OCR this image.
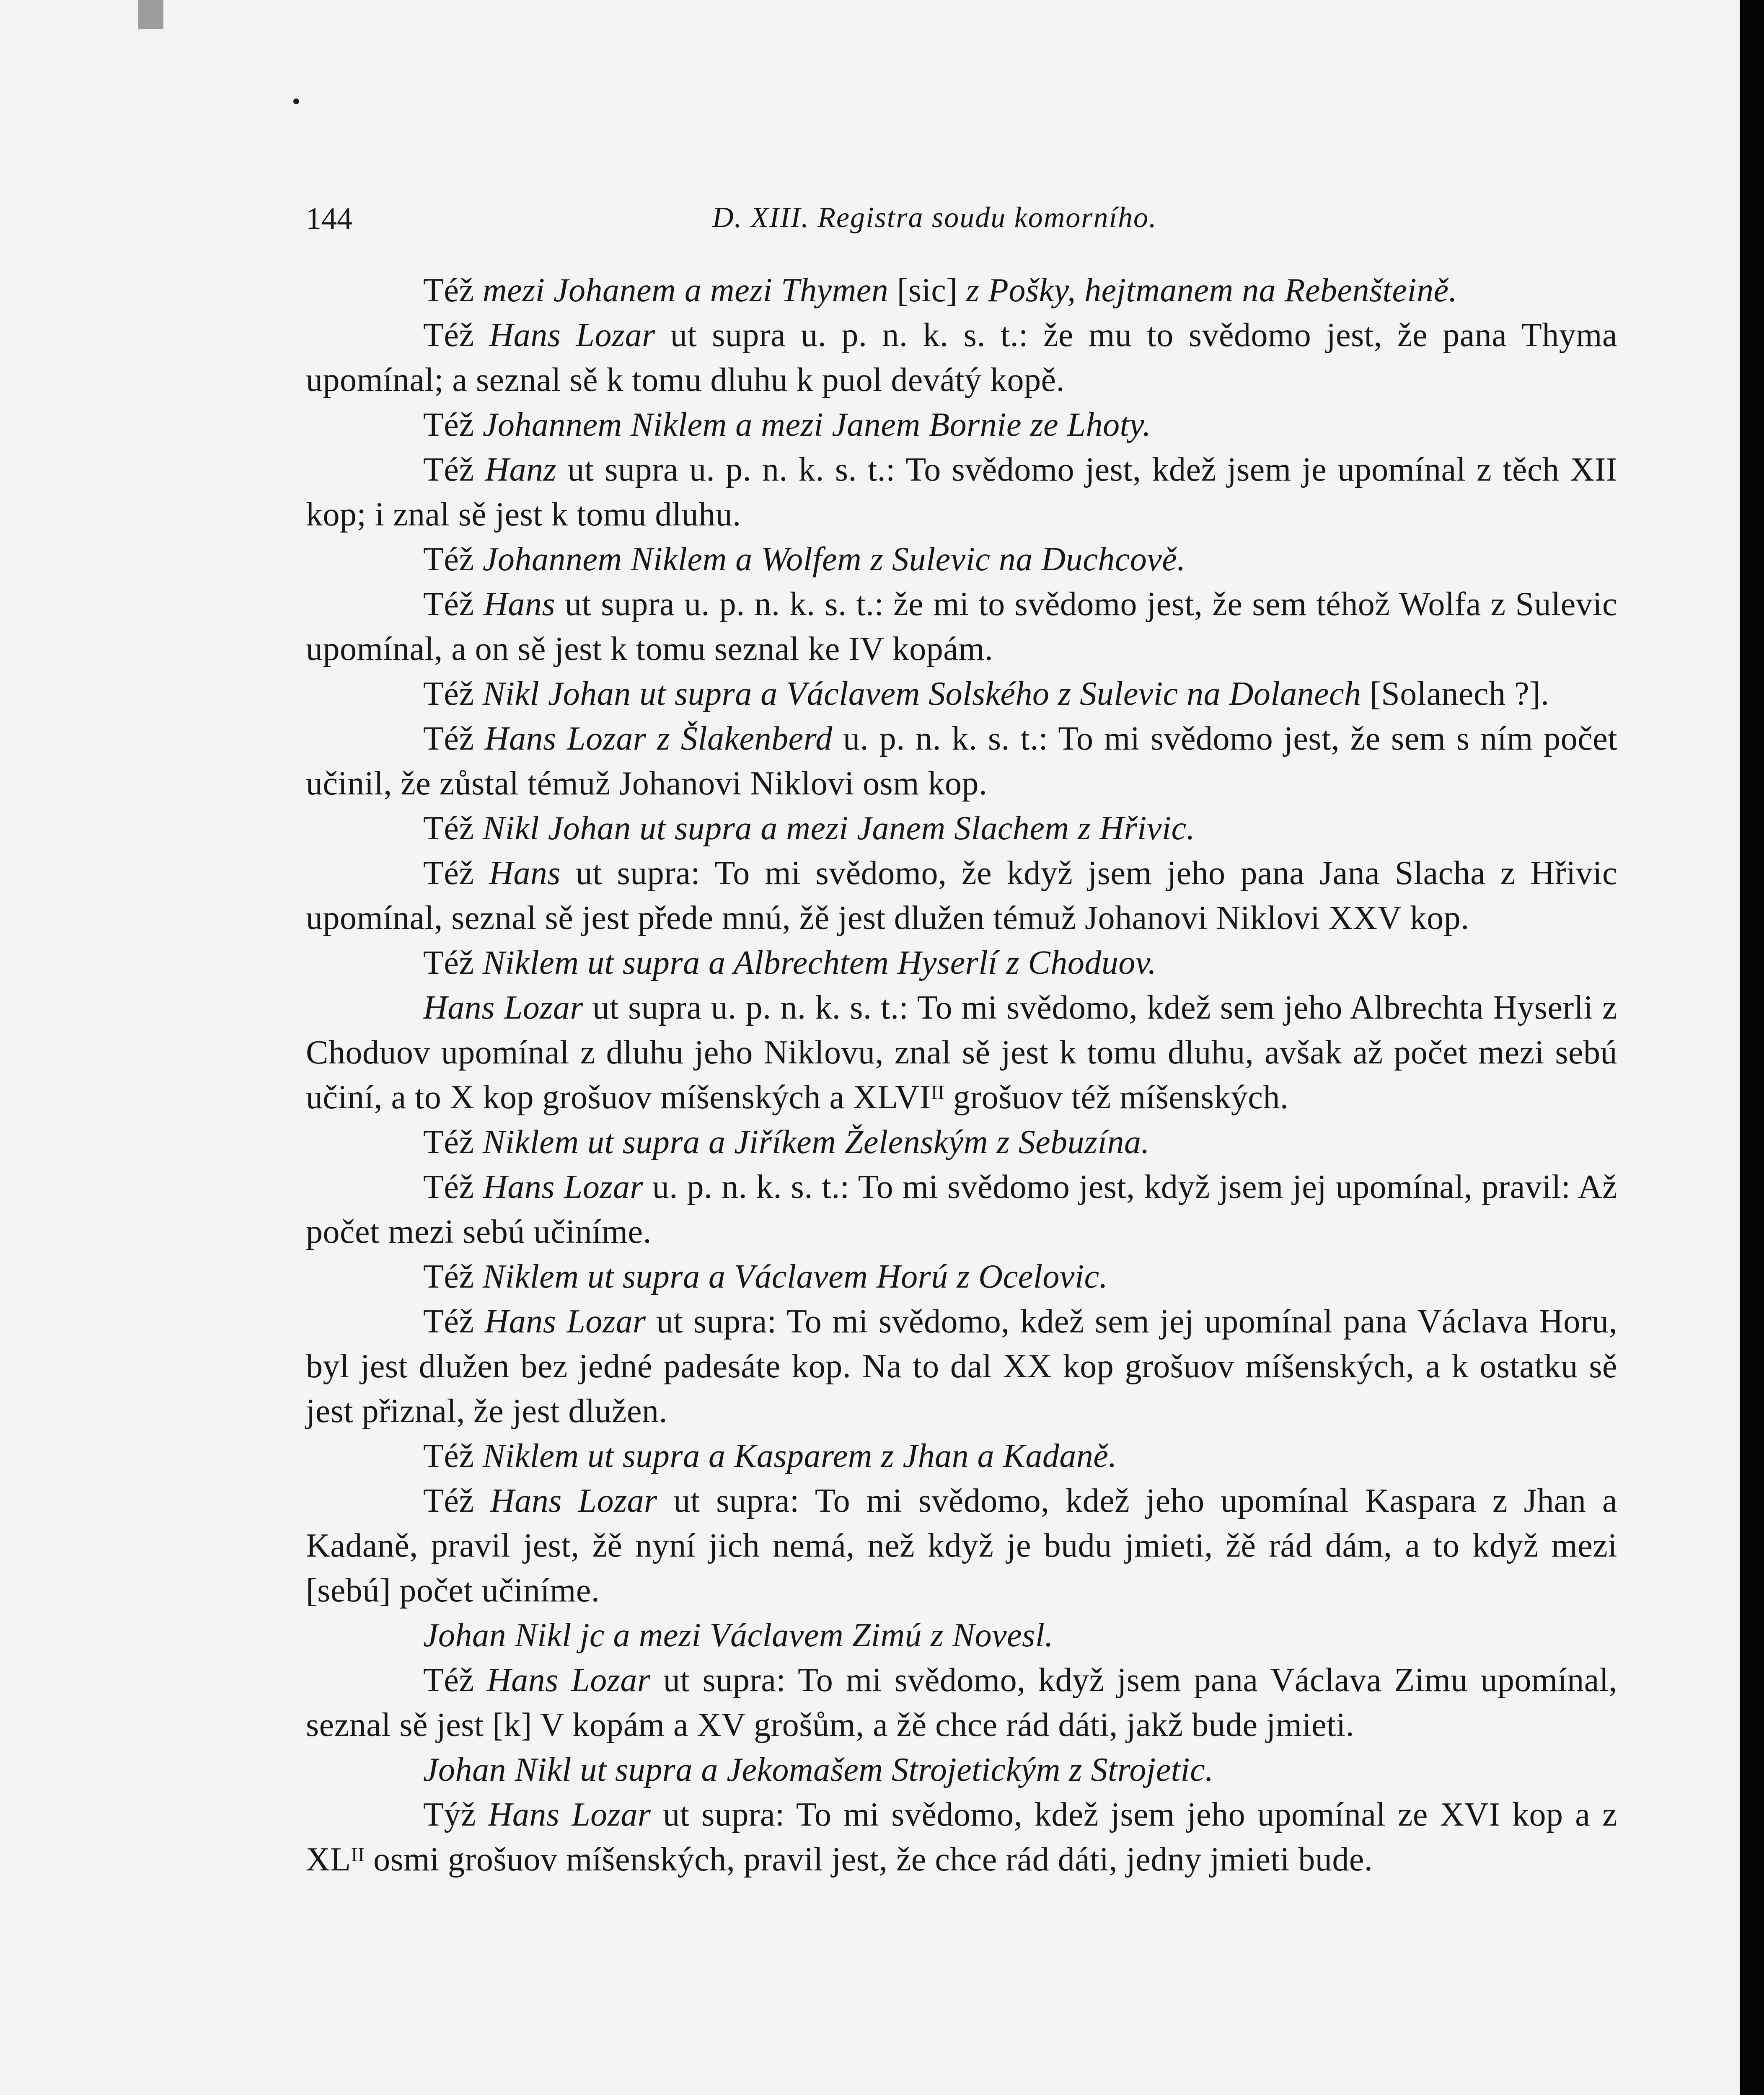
144	D. XIII. Registra soudu komorního.

Též mezi Johanem a mezi Thymen [sic] z Pošky, hejtmanem na Rebenšteině.

Též Hans Lozar ut supra u. p. n. k. s. t.: že mu to svědomo jest, že pana Thyma upomínal; a seznal sě k tomu dluhu k puol devátý kopě.

Též Johannem Niklem a mezi Janem Bornie ze Lhoty.

Též Hanz ut supra u. p. n. k. s. t.: To svědomo jest, kdež jsem je upomínal z těch XII kop; i znal sě jest k tomu dluhu.

Též Johannem Niklem a Wolfem z Sulevic na Duchcově.

Též Hans ut supra u. p. n. k. s. t.: že mi to svědomo jest, že sem téhož Wolfa z Sulevic upomínal, a on sě jest k tomu seznal ke IV kopám.

Též Nikl Johan ut supra a Václavem Solského z Sulevic na Dolanech [Solanech ?].

Též Hans Lozar z Šlakenberd u. p. n. k. s. t.: To mi svědomo jest, že sem s ním počet učinil, že zůstal témuž Johanovi Niklovi osm kop.

Též Nikl Johan ut supra a mezi Janem Slachem z Hřivic.

Též Hans ut supra: To mi svědomo, že když jsem jeho pana Jana Slacha z Hřivic upomínal, seznal sě jest přede mnú, žě jest dlužen témuž Johanovi Niklovi XXV kop.

Též Niklem ut supra a Albrechtem Hyserlí z Choduov.

Hans Lozar ut supra u. p. n. k. s. t.: To mi svědomo, kdež sem jeho Albrechta Hyserli z Choduov upomínal z dluhu jeho Niklovu, znal sě jest k tomu dluhu, avšak až počet mezi sebú učiní, a to X kop grošuov míšenských a XLVIᴵᴵ grošuov též míšenských.

Též Niklem ut supra a Jiříkem Želenským z Sebuzína.

Též Hans Lozar u. p. n. k. s. t.: To mi svědomo jest, když jsem jej upomínal, pravil: Až počet mezi sebú učiníme.

Též Niklem ut supra a Václavem Horú z Ocelovic.

Též Hans Lozar ut supra: To mi svědomo, kdež sem jej upomínal pana Václava Horu, byl jest dlužen bez jedné padesáte kop. Na to dal XX kop grošuov míšenských, a k ostatku sě jest přiznal, že jest dlužen.

Též Niklem ut supra a Kasparem z Jhan a Kadaně.

Též Hans Lozar ut supra: To mi svědomo, kdež jeho upomínal Kaspara z Jhan a Kadaně, pravil jest, žě nyní jich nemá, než když je budu jmieti, žě rád dám, a to když mezi [sebú] počet učiníme.

Johan Nikl jc a mezi Václavem Zimú z Novesl.

Též Hans Lozar ut supra: To mi svědomo, když jsem pana Václava Zimu upomínal, seznal sě jest [k] V kopám a XV grošům, a žě chce rád dáti, jakž bude jmieti.

Johan Nikl ut supra a Jekomašem Strojetickým z Strojetic.

Týž Hans Lozar ut supra: To mi svědomo, kdež jsem jeho upomínal ze XVI kop a z XLᴵᴵ osmi grošuov míšenských, pravil jest, že chce rád dáti, jedny jmieti bude.
